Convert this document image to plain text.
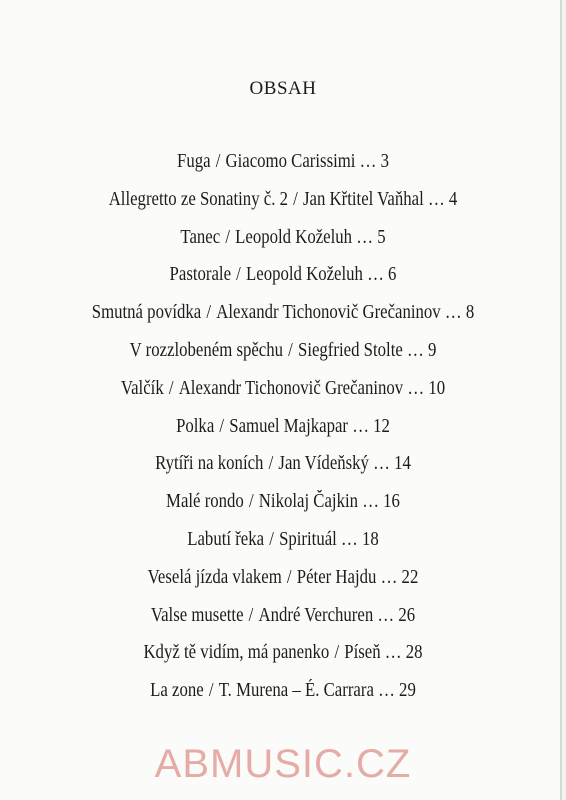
OBSAH
Fuga / Giacomo Carissimi … 3
Allegretto ze Sonatiny č. 2 / Jan Křtitel Vaňhal … 4
Tanec / Leopold Koželuh … 5
Pastorale / Leopold Koželuh … 6
Smutná povídka / Alexandr Tichonovič Grečaninov … 8
V rozzlobeném spěchu / Siegfried Stolte … 9
Valčík / Alexandr Tichonovič Grečaninov … 10
Polka / Samuel Majkapar … 12
Rytíři na koních / Jan Vídeňský … 14
Malé rondo / Nikolaj Čajkin … 16
Labutí řeka / Spirituál … 18
Veselá jízda vlakem / Péter Hajdu … 22
Valse musette / André Verchuren … 26
Když tě vidím, má panenko / Píseň … 28
La zone / T. Murena – É. Carrara … 29
ABMUSIC.CZ
